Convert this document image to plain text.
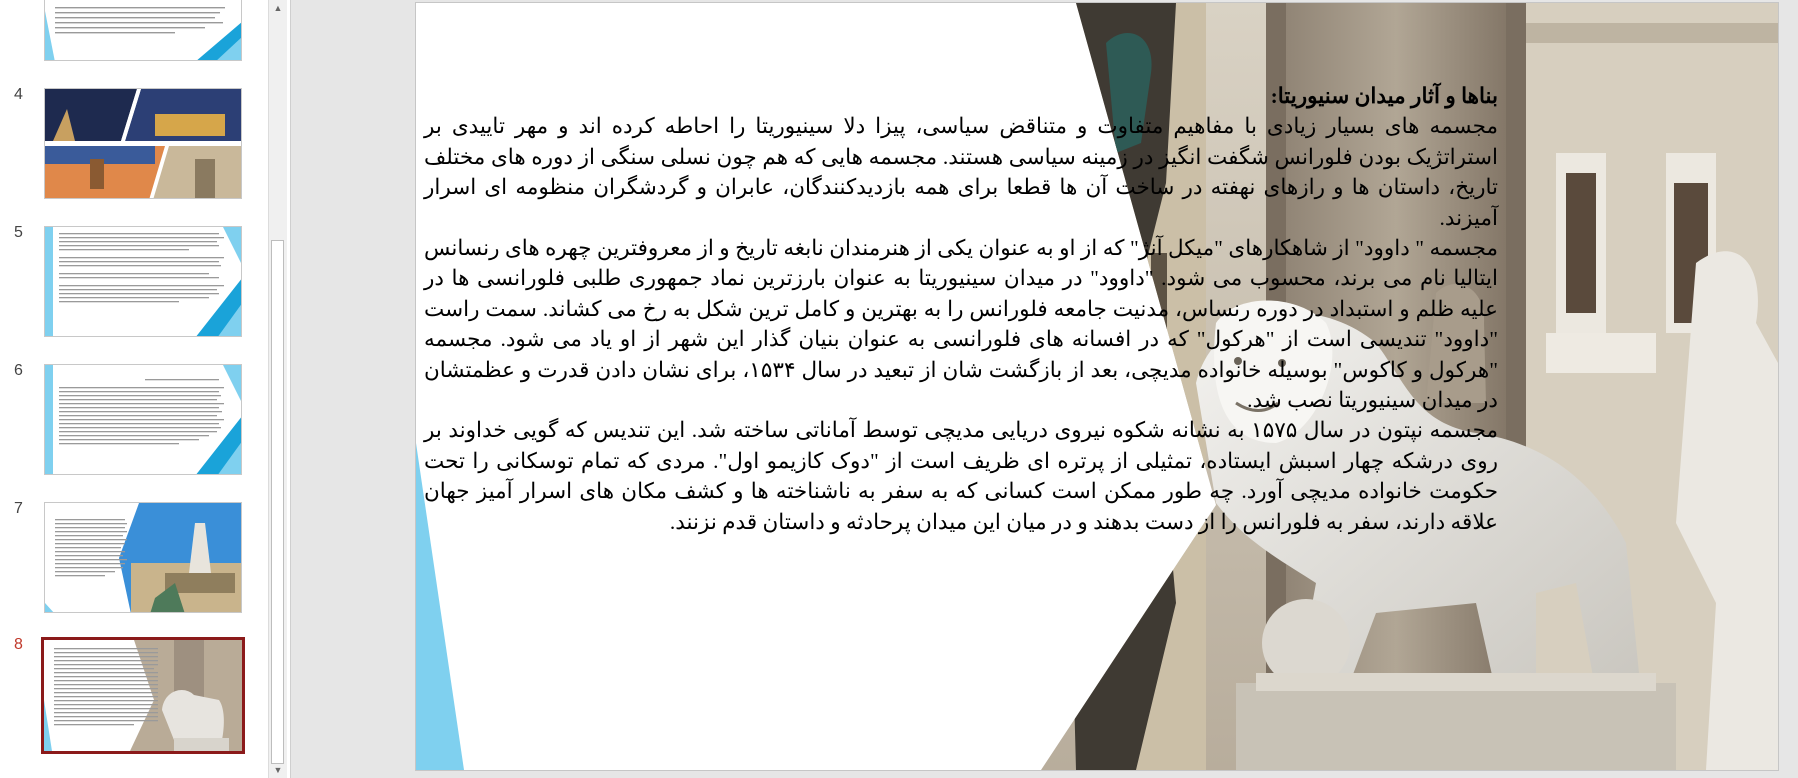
4
5
6
7
8
▲
▼

بناها و آثار میدان سنیوریتا:

مجسمه های بسیار زیادی با مفاهیم متفاوت و متناقض سیاسی، پیزا دلا سینیوریتا را احاطه کرده اند و مهر تاییدی بر استراتژیک بودن فلورانس شگفت انگیز در زمینه سیاسی هستند. مجسمه هایی که هم چون نسلی سنگی از دوره های مختلف تاریخ، داستان ها و رازهای نهفته در ساخت آن ها قطعا برای همه بازدیدکنندگان، عابران و گردشگران منظومه ای اسرار آمیزند.

مجسمه " داوود" از شاهکارهای "میکل آنژ" که از او به عنوان یکی از هنرمندان نابغه تاریخ و از معروفترین چهره های رنسانس ایتالیا نام می برند، محسوب می شود. "داوود" در میدان سینیوریتا به عنوان بارزترین نماد جمهوری طلبی فلورانسی ها در علیه ظلم و استبداد در دوره رنساس، مدنیت جامعه فلورانس را به بهترین و کامل ترین شکل به رخ می کشاند. سمت راست "داوود" تندیسی است از "هرکول" که در افسانه های فلورانسی به عنوان بنیان گذار این شهر از او یاد می شود. مجسمه "هرکول و کاکوس" بوسیله خانواده مدیچی، بعد از بازگشت شان از تبعید در سال ۱۵۳۴، برای نشان دادن قدرت و عظمتشان در میدان سینیوریتا نصب شد.

مجسمه نپتون در سال ۱۵۷۵ به نشانه شکوه نیروی دریایی مدیچی توسط آماناتی ساخته شد. این تندیس که گویی خداوند بر روی درشکه چهار اسبش ایستاده، تمثیلی از پرتره ای ظریف است از "دوک کازیمو اول". مردی که تمام توسکانی را تحت حکومت خانواده مدیچی آورد. چه طور ممکن است کسانی که به سفر به ناشناخته ها و کشف مکان های اسرار آمیز جهان علاقه دارند، سفر به فلورانس را از دست بدهند و در میان این میدان پرحادثه و داستان قدم نزنند.
